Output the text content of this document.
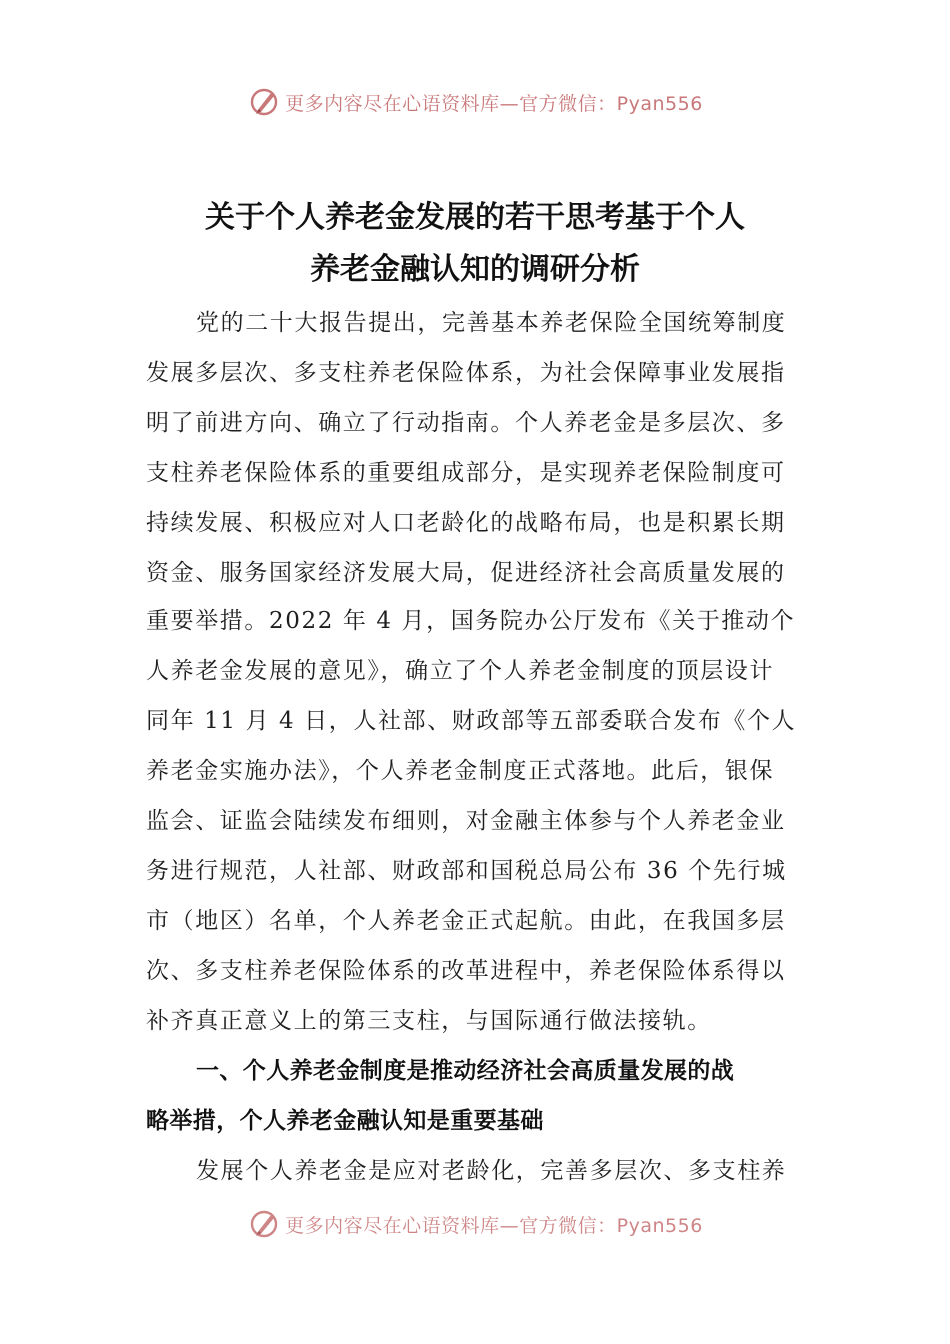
更多内容尽在心语资料库—官方微信：Pyan556
关于个人养老金发展的若干思考基于个人
养老金融认知的调研分析
党的二十大报告提出，完善基本养老保险全国统筹制度
发展多层次、多支柱养老保险体系，为社会保障事业发展指
明了前进方向、确立了行动指南。个人养老金是多层次、多
支柱养老保险体系的重要组成部分，是实现养老保险制度可
持续发展、积极应对人口老龄化的战略布局，也是积累长期
资金、服务国家经济发展大局，促进经济社会高质量发展的
重要举措。2022 年 4 月，国务院办公厅发布《关于推动个
人养老金发展的意见》，确立了个人养老金制度的顶层设计
同年 11 月 4 日，人社部、财政部等五部委联合发布《个人
养老金实施办法》，个人养老金制度正式落地。此后，银保
监会、证监会陆续发布细则，对金融主体参与个人养老金业
务进行规范，人社部、财政部和国税总局公布 36 个先行城
市（地区）名单，个人养老金正式起航。由此，在我国多层
次、多支柱养老保险体系的改革进程中，养老保险体系得以
补齐真正意义上的第三支柱，与国际通行做法接轨。
一、个人养老金制度是推动经济社会高质量发展的战
略举措，个人养老金融认知是重要基础
发展个人养老金是应对老龄化，完善多层次、多支柱养
更多内容尽在心语资料库—官方微信：Pyan556
